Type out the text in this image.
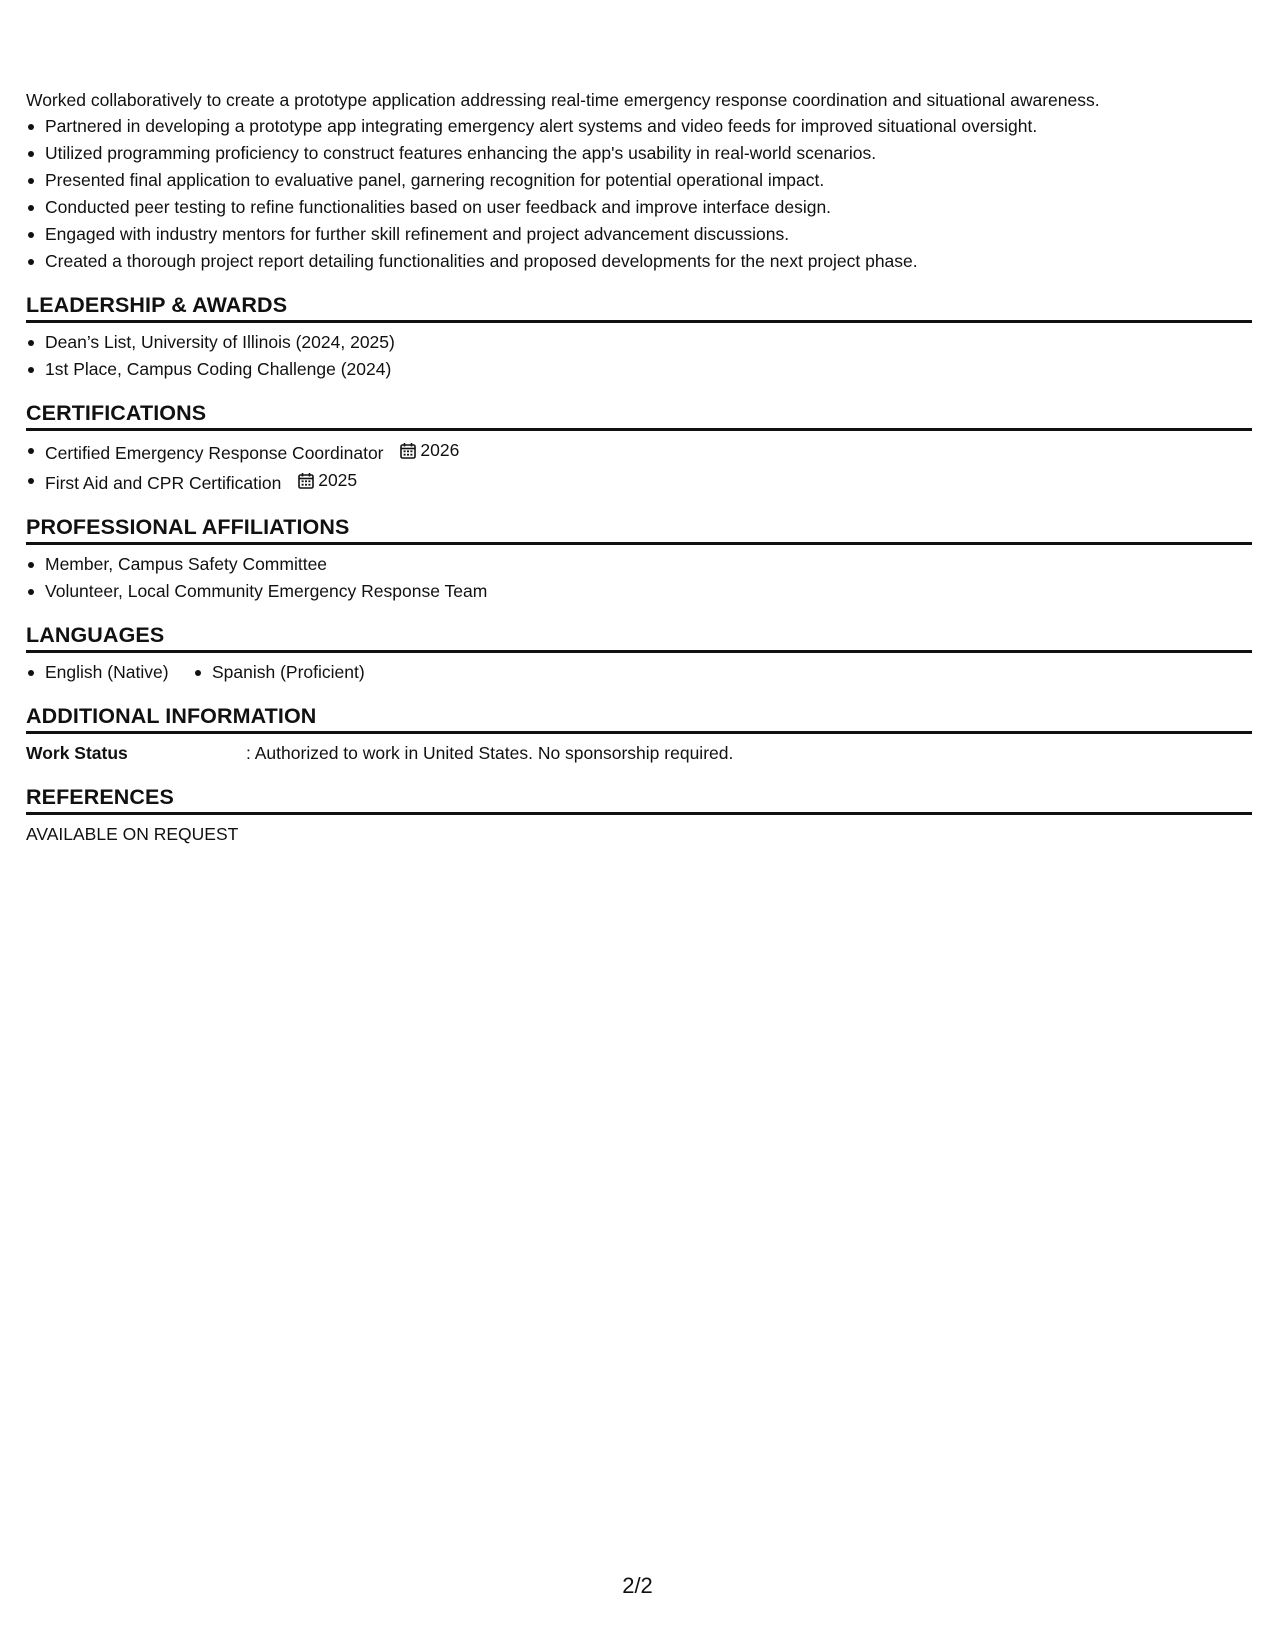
Worked collaboratively to create a prototype application addressing real-time emergency response coordination and situational awareness.

Partnered in developing a prototype app integrating emergency alert systems and video feeds for improved situational oversight.
Utilized programming proficiency to construct features enhancing the app's usability in real-world scenarios.
Presented final application to evaluative panel, garnering recognition for potential operational impact.
Conducted peer testing to refine functionalities based on user feedback and improve interface design.
Engaged with industry mentors for further skill refinement and project advancement discussions.
Created a thorough project report detailing functionalities and proposed developments for the next project phase.
LEADERSHIP & AWARDS
Dean’s List, University of Illinois (2024, 2025)
1st Place, Campus Coding Challenge (2024)
CERTIFICATIONS
Certified Emergency Response Coordinator 2026
First Aid and CPR Certification 2025
PROFESSIONAL AFFILIATIONS
Member, Campus Safety Committee
Volunteer, Local Community Emergency Response Team
LANGUAGES
English (Native) Spanish (Proficient)
ADDITIONAL INFORMATION
Work Status	: Authorized to work in United States. No sponsorship required.
REFERENCES

AVAILABLE ON REQUEST

2/2
